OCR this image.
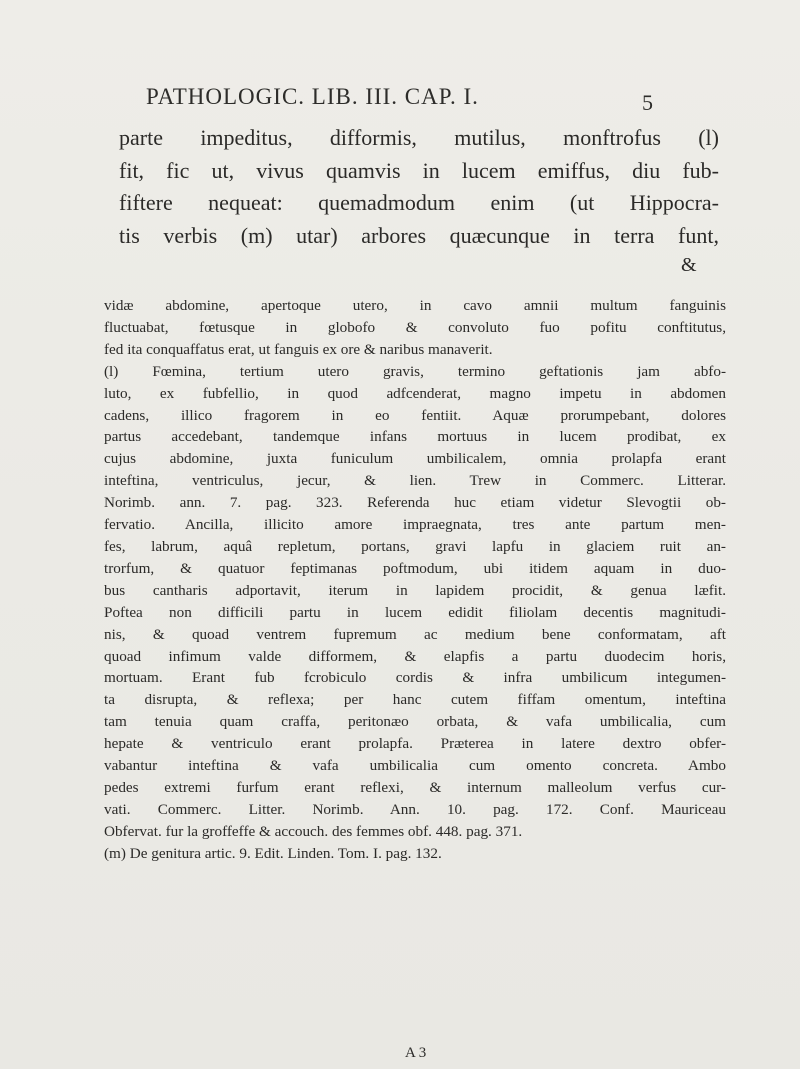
PATHOLOGIC. LIB. III. CAP. I.	5
parte impeditus, difformis, mutilus, monftrofus (l)
fit, fic ut, vivus quamvis in lucem emiffus, diu fub-
fiftere nequeat: quemadmodum enim (ut Hippocra-
tis verbis (m) utar) arbores quæcunque in terra funt,
&
vidæ abdomine, apertoque utero, in cavo amnii multum fanguinis
fluctuabat, fœtusque in globofo & convoluto fuo pofitu conftitutus,
fed ita conquaffatus erat, ut fanguis ex ore & naribus manaverit.
(l) Fœmina, tertium utero gravis, termino geftationis jam abfo-
luto, ex fubfellio, in quod adfcenderat, magno impetu in abdomen
cadens, illico fragorem in eo fentiit. Aquæ prorumpebant, dolores
partus accedebant, tandemque infans mortuus in lucem prodibat, ex
cujus abdomine, juxta funiculum umbilicalem, omnia prolapfa erant
inteftina, ventriculus, jecur, & lien. Trew in Commerc. Litterar.
Norimb. ann. 7. pag. 323. Referenda huc etiam videtur Slevogtii ob-
fervatio. Ancilla, illicito amore impraegnata, tres ante partum men-
fes, labrum, aquâ repletum, portans, gravi lapfu in glaciem ruit an-
trorfum, & quatuor feptimanas poftmodum, ubi itidem aquam in duo-
bus cantharis adportavit, iterum in lapidem procidit, & genua læfit.
Poftea non difficili partu in lucem edidit filiolam decentis magnitudi-
nis, & quoad ventrem fupremum ac medium bene conformatam, aft
quoad infimum valde difformem, & elapfis a partu duodecim horis,
mortuam. Erant fub fcrobiculo cordis & infra umbilicum integumen-
ta disrupta, & reflexa; per hanc cutem fiffam omentum, inteftina
tam tenuia quam craffa, peritonæo orbata, & vafa umbilicalia, cum
hepate & ventriculo erant prolapfa. Præterea in latere dextro obfer-
vabantur inteftina & vafa umbilicalia cum omento concreta. Ambo
pedes extremi furfum erant reflexi, & internum malleolum verfus cur-
vati. Commerc. Litter. Norimb. Ann. 10. pag. 172. Conf. Mauriceau
Obfervat. fur la groffeffe & accouch. des femmes obf. 448. pag. 371.
(m) De genitura artic. 9. Edit. Linden. Tom. I. pag. 132.
A 3
